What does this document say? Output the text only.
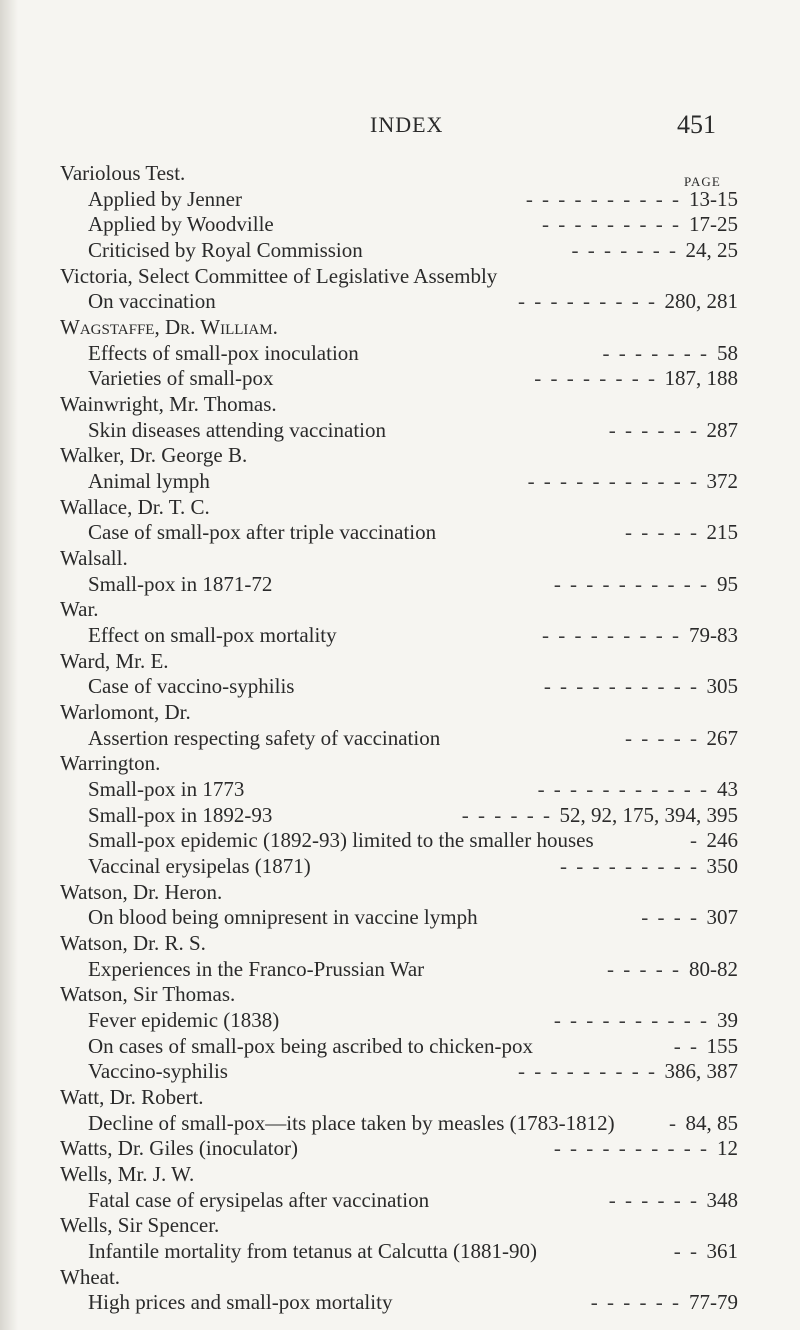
INDEX	451
PAGE
Variolous Test.
Applied by Jenner	13-15
- - - - - - - - - -
Applied by Woodville	17-25
- - - - - - - - -
Criticised by Royal Commission	24, 25
- - - - - - -
Victoria, Select Committee of Legislative Assembly
On vaccination	280, 281
- - - - - - - - -
Wagstaffe, Dr. William.
Effects of small-pox inoculation	58
- - - - - - -
Varieties of small-pox	187, 188
- - - - - - - -
Wainwright, Mr. Thomas.
Skin diseases attending vaccination	287
- - - - - -
Walker, Dr. George B.
Animal lymph	372
- - - - - - - - - - -
Wallace, Dr. T. C.
Case of small-pox after triple vaccination	215
- - - - -
Walsall.
Small-pox in 1871-72	95
- - - - - - - - - -
War.
Effect on small-pox mortality	79-83
- - - - - - - - -
Ward, Mr. E.
Case of vaccino-syphilis	305
- - - - - - - - - -
Warlomont, Dr.
Assertion respecting safety of vaccination	267
- - - - -
Warrington.
Small-pox in 1773	43
- - - - - - - - - - -
Small-pox in 1892-93	52, 92, 175, 394, 395
- - - - - -
Small-pox epidemic (1892-93) limited to the smaller houses	246
-
Vaccinal erysipelas (1871)	350
- - - - - - - - -
Watson, Dr. Heron.
On blood being omnipresent in vaccine lymph	307
- - - -
Watson, Dr. R. S.
Experiences in the Franco-Prussian War	80-82
- - - - -
Watson, Sir Thomas.
Fever epidemic (1838)	39
- - - - - - - - - -
On cases of small-pox being ascribed to chicken-pox	155
- -
Vaccino-syphilis	386, 387
- - - - - - - - -
Watt, Dr. Robert.
Decline of small-pox—its place taken by measles (1783-1812)	84, 85
-
Watts, Dr. Giles (inoculator)	12
- - - - - - - - - -
Wells, Mr. J. W.
Fatal case of erysipelas after vaccination	348
- - - - - -
Wells, Sir Spencer.
Infantile mortality from tetanus at Calcutta (1881-90)	361
- -
Wheat.
High prices and small-pox mortality	77-79
- - - - - -
